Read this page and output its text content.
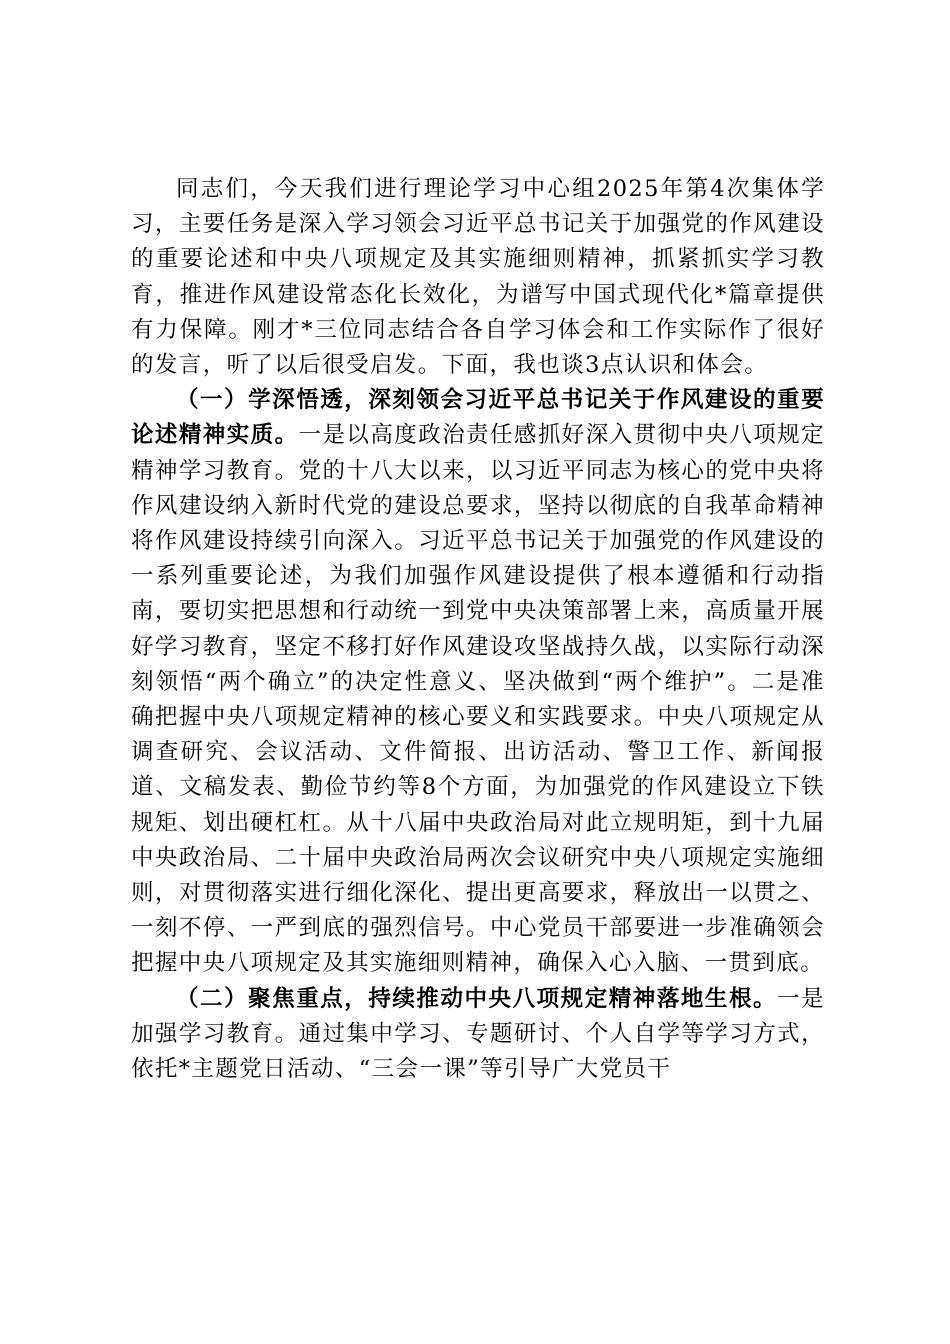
同志们，今天我们进行理论学习中心组2025年第4次集体学习，主要任务是深入学习领会习近平总书记关于加强党的作风建设的重要论述和中央八项规定及其实施细则精神，抓紧抓实学习教育，推进作风建设常态化长效化，为谱写中国式现代化*篇章提供有力保障。刚才*三位同志结合各自学习体会和工作实际作了很好的发言，听了以后很受启发。下面，我也谈3点认识和体会。

（一）学深悟透，深刻领会习近平总书记关于作风建设的重要论述精神实质。一是以高度政治责任感抓好深入贯彻中央八项规定精神学习教育。党的十八大以来，以习近平同志为核心的党中央将作风建设纳入新时代党的建设总要求，坚持以彻底的自我革命精神将作风建设持续引向深入。习近平总书记关于加强党的作风建设的一系列重要论述，为我们加强作风建设提供了根本遵循和行动指南，要切实把思想和行动统一到党中央决策部署上来，高质量开展好学习教育，坚定不移打好作风建设攻坚战持久战，以实际行动深刻领悟“两个确立”的决定性意义、坚决做到“两个维护”。二是准确把握中央八项规定精神的核心要义和实践要求。中央八项规定从调查研究、会议活动、文件简报、出访活动、警卫工作、新闻报道、文稿发表、勤俭节约等8个方面，为加强党的作风建设立下铁规矩、划出硬杠杠。从十八届中央政治局对此立规明矩，到十九届中央政治局、二十届中央政治局两次会议研究中央八项规定实施细则，对贯彻落实进行细化深化、提出更高要求，释放出一以贯之、一刻不停、一严到底的强烈信号。中心党员干部要进一步准确领会把握中央八项规定及其实施细则精神，确保入心入脑、一贯到底。

（二）聚焦重点，持续推动中央八项规定精神落地生根。一是加强学习教育。通过集中学习、专题研讨、个人自学等学习方式，依托*主题党日活动、“三会一课”等引导广大党员干
